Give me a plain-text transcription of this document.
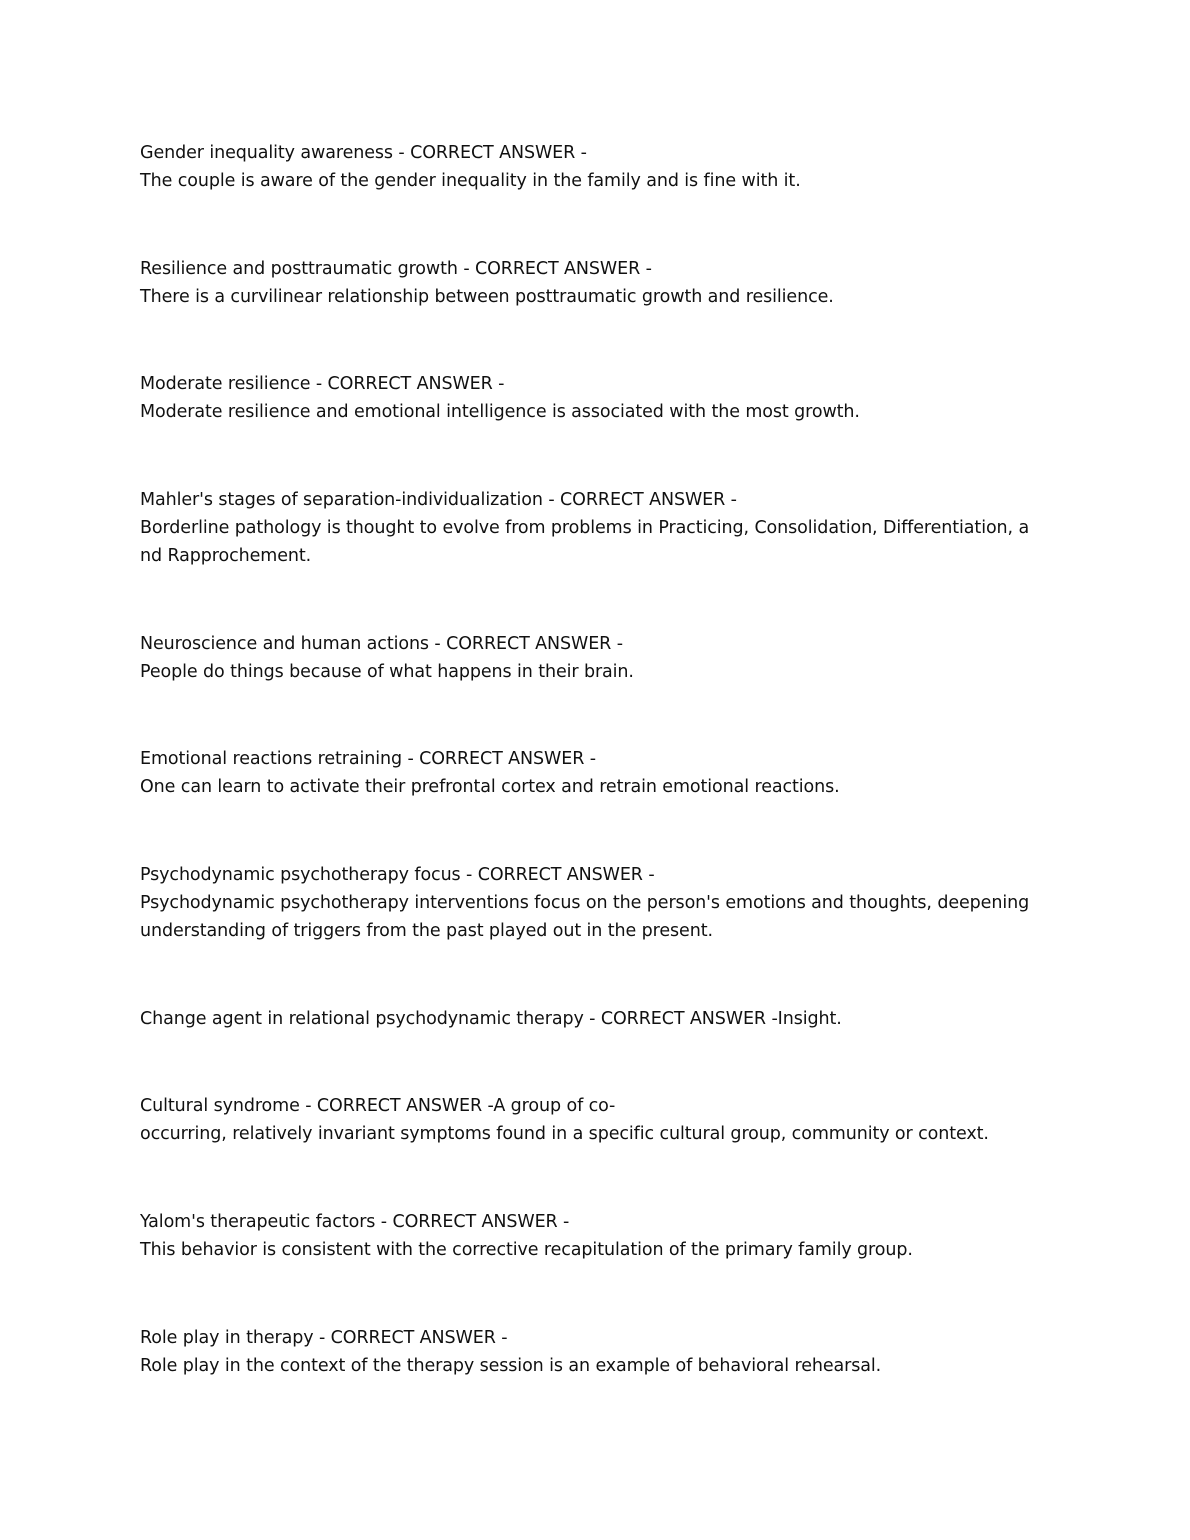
Gender inequality awareness - CORRECT ANSWER -
The couple is aware of the gender inequality in the family and is fine with it.
Resilience and posttraumatic growth - CORRECT ANSWER -
There is a curvilinear relationship between posttraumatic growth and resilience.
Moderate resilience - CORRECT ANSWER -
Moderate resilience and emotional intelligence is associated with the most growth.
Mahler's stages of separation-individualization - CORRECT ANSWER -
Borderline pathology is thought to evolve from problems in Practicing, Consolidation, Differentiation, a
nd Rapprochement.
Neuroscience and human actions - CORRECT ANSWER -
People do things because of what happens in their brain.
Emotional reactions retraining - CORRECT ANSWER -
One can learn to activate their prefrontal cortex and retrain emotional reactions.
Psychodynamic psychotherapy focus - CORRECT ANSWER -
Psychodynamic psychotherapy interventions focus on the person's emotions and thoughts, deepening
understanding of triggers from the past played out in the present.
Change agent in relational psychodynamic therapy - CORRECT ANSWER -Insight.
Cultural syndrome - CORRECT ANSWER -A group of co-
occurring, relatively invariant symptoms found in a specific cultural group, community or context.
Yalom's therapeutic factors - CORRECT ANSWER -
This behavior is consistent with the corrective recapitulation of the primary family group.
Role play in therapy - CORRECT ANSWER -
Role play in the context of the therapy session is an example of behavioral rehearsal.
